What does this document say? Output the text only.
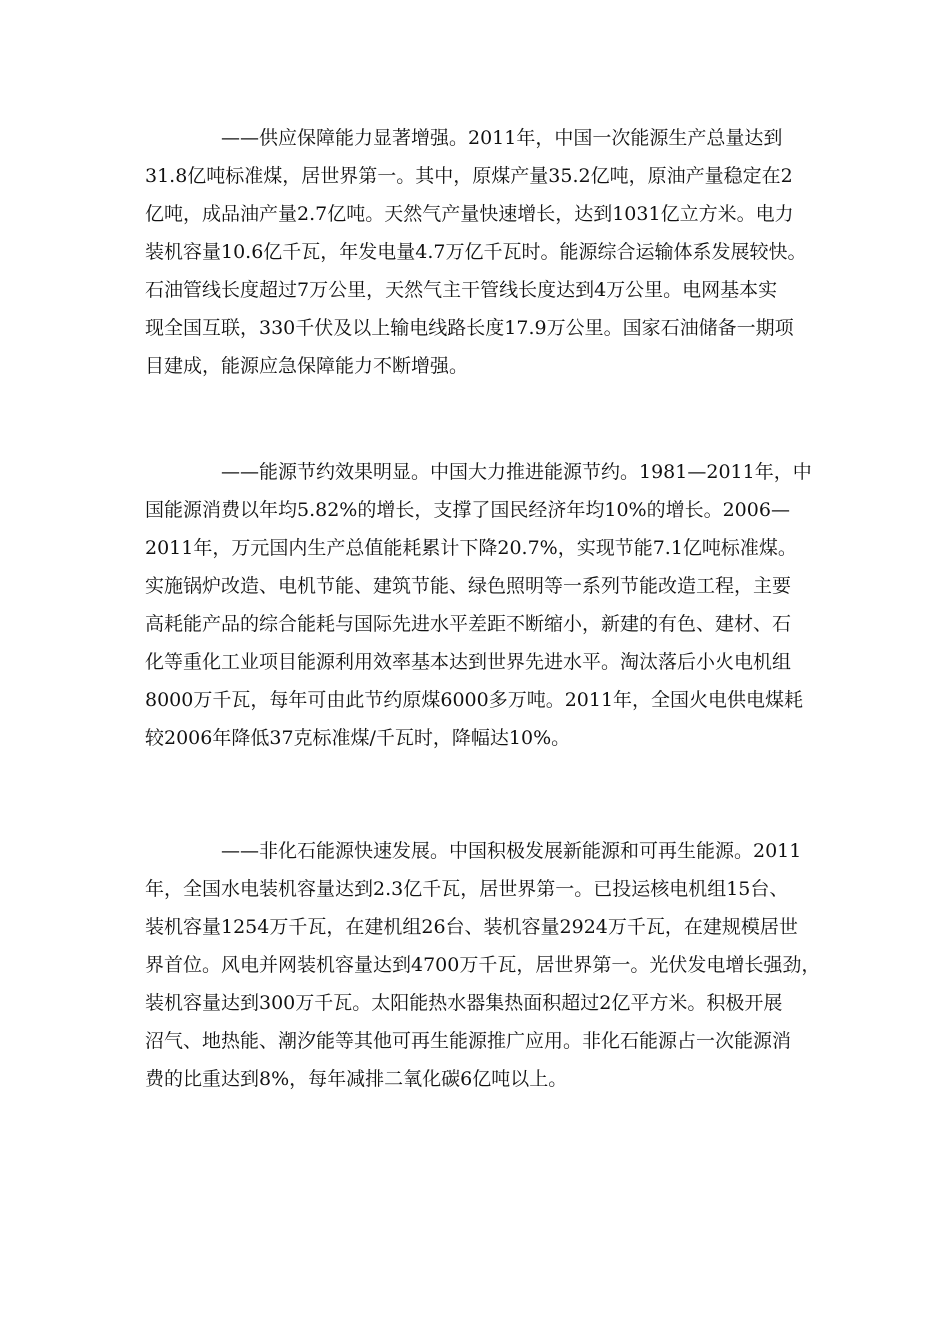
——供应保障能力显著增强。2011年，中国一次能源生产总量达到
31.8亿吨标准煤，居世界第一。其中，原煤产量35.2亿吨，原油产量稳定在2
亿吨，成品油产量2.7亿吨。天然气产量快速增长，达到1031亿立方米。电力
装机容量10.6亿千瓦，年发电量4.7万亿千瓦时。能源综合运输体系发展较快。
石油管线长度超过7万公里，天然气主干管线长度达到4万公里。电网基本实
现全国互联，330千伏及以上输电线路长度17.9万公里。国家石油储备一期项
目建成，能源应急保障能力不断增强。
——能源节约效果明显。中国大力推进能源节约。1981—2011年，中
国能源消费以年均5.82%的增长，支撑了国民经济年均10%的增长。2006—
2011年，万元国内生产总值能耗累计下降20.7%，实现节能7.1亿吨标准煤。
实施锅炉改造、电机节能、建筑节能、绿色照明等一系列节能改造工程，主要
高耗能产品的综合能耗与国际先进水平差距不断缩小，新建的有色、建材、石
化等重化工业项目能源利用效率基本达到世界先进水平。淘汰落后小火电机组
8000万千瓦，每年可由此节约原煤6000多万吨。2011年，全国火电供电煤耗
较2006年降低37克标准煤/千瓦时，降幅达10%。
——非化石能源快速发展。中国积极发展新能源和可再生能源。2011
年，全国水电装机容量达到2.3亿千瓦，居世界第一。已投运核电机组15台、
装机容量1254万千瓦，在建机组26台、装机容量2924万千瓦，在建规模居世
界首位。风电并网装机容量达到4700万千瓦，居世界第一。光伏发电增长强劲，
装机容量达到300万千瓦。太阳能热水器集热面积超过2亿平方米。积极开展
沼气、地热能、潮汐能等其他可再生能源推广应用。非化石能源占一次能源消
费的比重达到8%，每年减排二氧化碳6亿吨以上。
